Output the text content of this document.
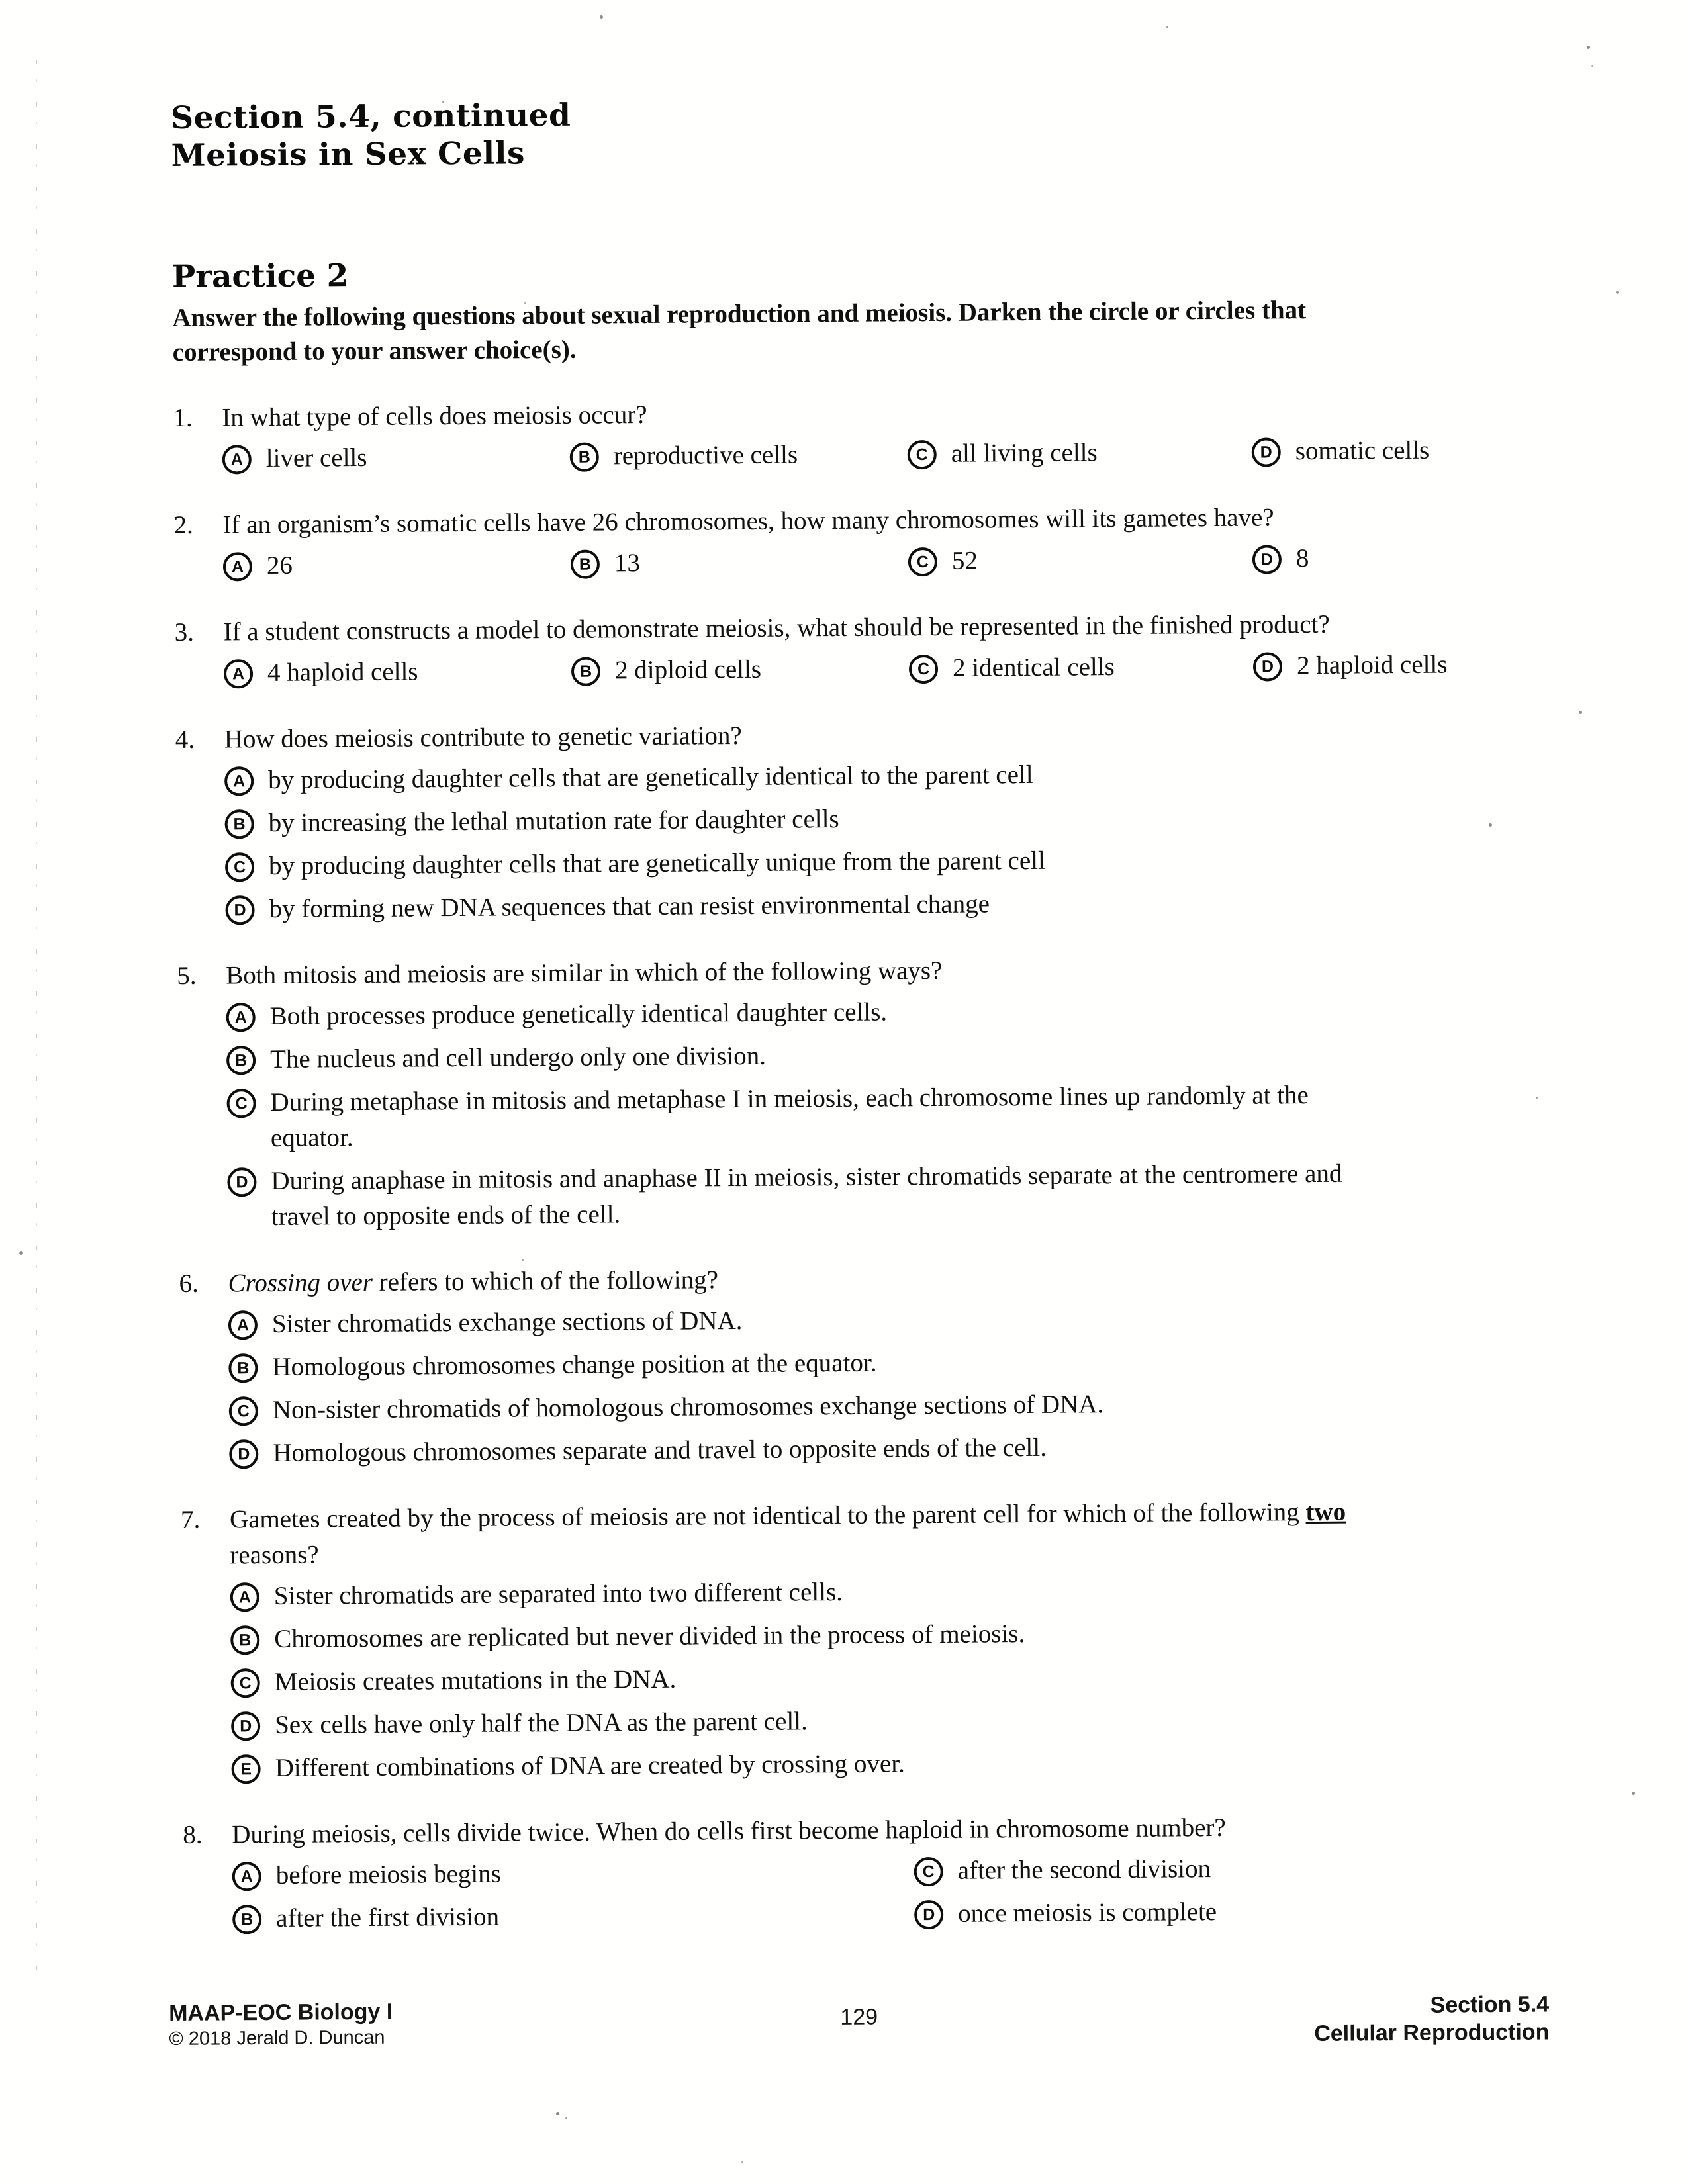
Section 5.4, continued
Meiosis in Sex Cells
Practice 2
Answer the following questions about sexual reproduction and meiosis. Darken the circle or circles that
correspond to your answer choice(s).
1.	In what type of cells does meiosis occur?
A liver cells	B reproductive cells	C all living cells	D somatic cells
2.	If an organism’s somatic cells have 26 chromosomes, how many chromosomes will its gametes have?
A 26	B 13	C 52	D 8
3.	If a student constructs a model to demonstrate meiosis, what should be represented in the finished product?
A 4 haploid cells	B 2 diploid cells	C 2 identical cells	D 2 haploid cells
4.	How does meiosis contribute to genetic variation?
A by producing daughter cells that are genetically identical to the parent cell
B by increasing the lethal mutation rate for daughter cells
C by producing daughter cells that are genetically unique from the parent cell
D by forming new DNA sequences that can resist environmental change
5.	Both mitosis and meiosis are similar in which of the following ways?
A Both processes produce genetically identical daughter cells.
B The nucleus and cell undergo only one division.
C During metaphase in mitosis and metaphase I in meiosis, each chromosome lines up randomly at the
equator.
D During anaphase in mitosis and anaphase II in meiosis, sister chromatids separate at the centromere and
travel to opposite ends of the cell.
6.	Crossing over refers to which of the following?
A Sister chromatids exchange sections of DNA.
B Homologous chromosomes change position at the equator.
C Non-sister chromatids of homologous chromosomes exchange sections of DNA.
D Homologous chromosomes separate and travel to opposite ends of the cell.
7.	Gametes created by the process of meiosis are not identical to the parent cell for which of the following two
reasons?
A Sister chromatids are separated into two different cells.
B Chromosomes are replicated but never divided in the process of meiosis.
C Meiosis creates mutations in the DNA.
D Sex cells have only half the DNA as the parent cell.
E Different combinations of DNA are created by crossing over.
8.	During meiosis, cells divide twice. When do cells first become haploid in chromosome number?
A before meiosis begins	C after the second division
B after the first division	D once meiosis is complete
MAAP-EOC Biology I
© 2018 Jerald D. Duncan
129	Section 5.4
Cellular Reproduction
